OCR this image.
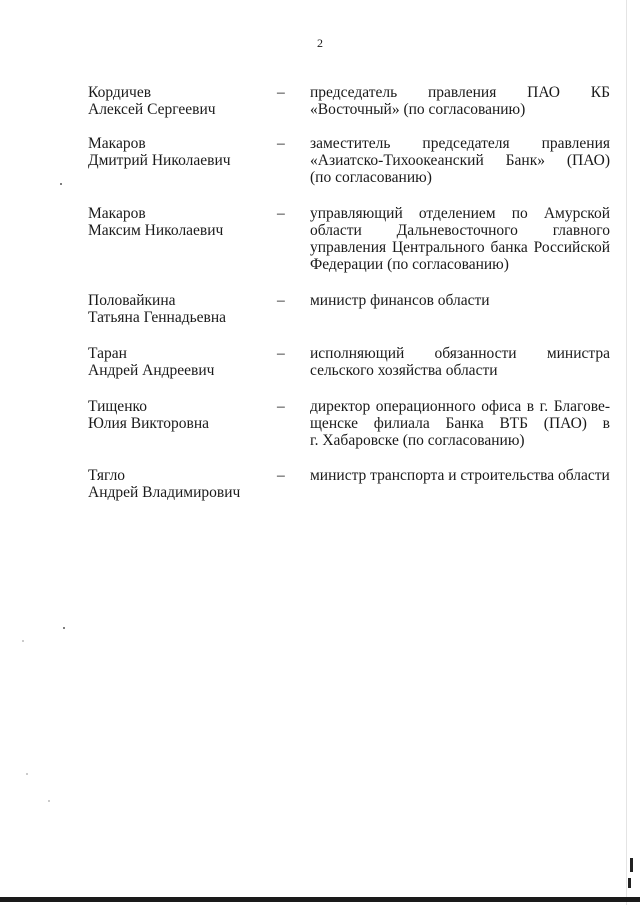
2
Кордичев
Алексей Сергеевич
– председатель правления ПАО КБ
«Восточный» (по согласованию)
Макаров
Дмитрий Николаевич
– заместитель председателя правления
«Азиатско-Тихоокеанский Банк» (ПАО)
(по согласованию)
Макаров
Максим Николаевич
– управляющий отделением по Амурской
области Дальневосточного главного
управления Центрального банка Российской
Федерации (по согласованию)
Половайкина
Татьяна Геннадьевна
– министр финансов области
Таран
Андрей Андреевич
– исполняющий обязанности министра
сельского хозяйства области
Тищенко
Юлия Викторовна
– директор операционного офиса в г. Благове-
щенске филиала Банка ВТБ (ПАО) в
г. Хабаровске (по согласованию)
Тягло
Андрей Владимирович
– министр транспорта и строительства области
